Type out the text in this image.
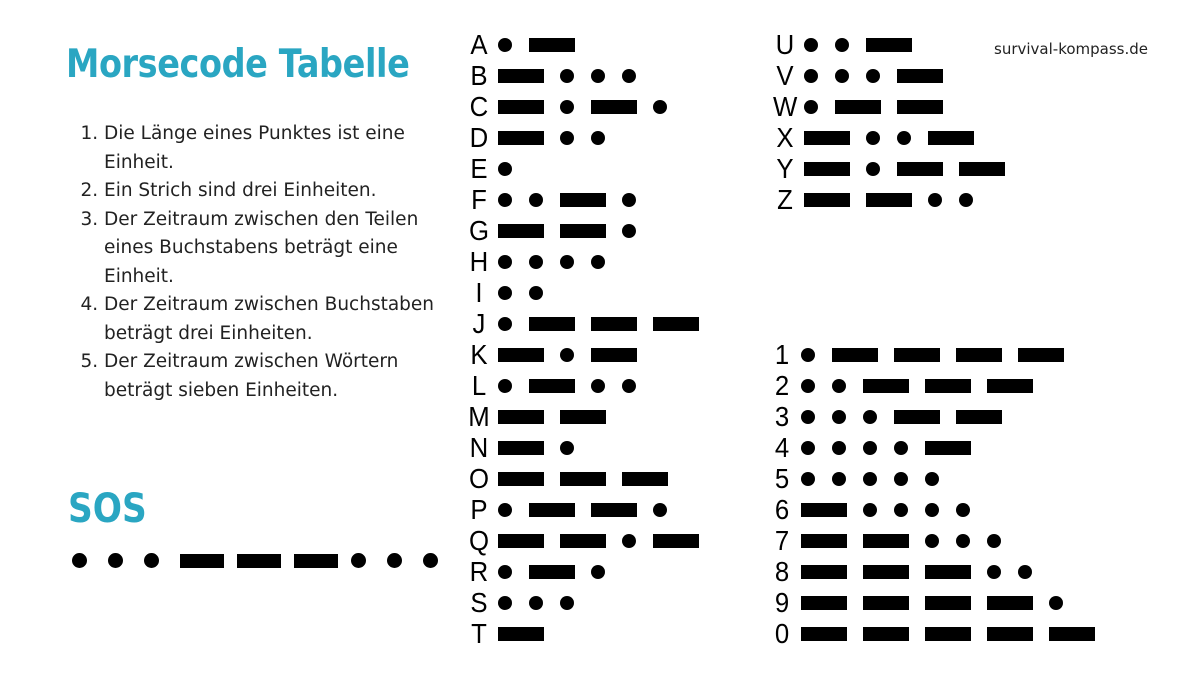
Morsecode Tabelle	survival-kompass.de
1. Die Länge eines Punktes ist eine Einheit.
2. Ein Strich sind drei Einheiten.
3. Der Zeitraum zwischen den Teilen eines Buchstabens beträgt eine Einheit.
4. Der Zeitraum zwischen Buchstaben beträgt drei Einheiten.
5. Der Zeitraum zwischen Wörtern beträgt sieben Einheiten.
SOS
A
B
C
D
E
F
G
H
I
J
K
L
M
N
O
P
Q
R
S
T
U
V
W
X
Y
Z
1
2
3
4
5
6
7
8
9
0
